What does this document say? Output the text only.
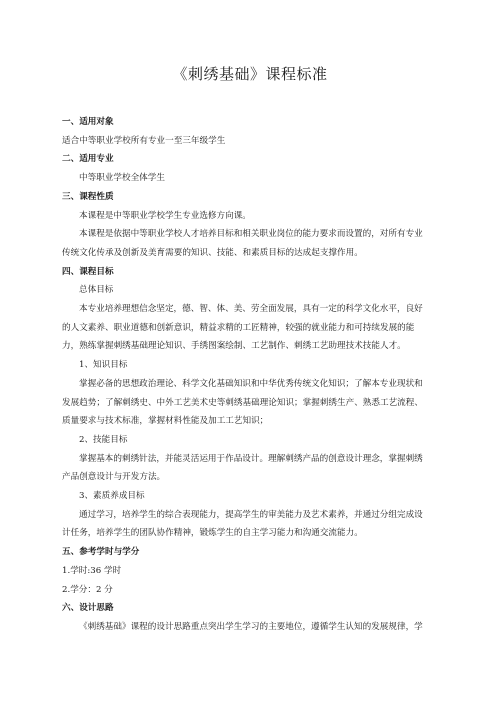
《刺绣基础》课程标准

一、适用对象

适合中等职业学校所有专业一至三年级学生

二、适用专业

中等职业学校全体学生

三、课程性质

本课程是中等职业学校学生专业选修方向课。

本课程是依据中等职业学校人才培养目标和相关职业岗位的能力要求而设置的，对所有专业
传统文化传承及创新及美育需要的知识、技能、和素质目标的达成起支撑作用。

四、课程目标

总体目标

本专业培养理想信念坚定，德、智、体、美、劳全面发展，具有一定的科学文化水平，良好
的人文素养、职业道德和创新意识，精益求精的工匠精神，较强的就业能力和可持续发展的能
力，熟练掌握刺绣基础理论知识、手绣图案绘制、工艺制作、刺绣工艺助理技术技能人才。

1、知识目标

掌握必备的思想政治理论、科学文化基础知识和中华优秀传统文化知识；了解本专业现状和
发展趋势；了解刺绣史、中外工艺美术史等刺绣基础理论知识；掌握刺绣生产、熟悉工艺流程、
质量要求与技术标准，掌握材料性能及加工工艺知识；

2、技能目标

掌握基本的刺绣针法，并能灵活运用于作品设计。理解刺绣产品的创意设计理念，掌握刺绣
产品创意设计与开发方法。

3、素质养成目标

通过学习，培养学生的综合表现能力，提高学生的审美能力及艺术素养，并通过分组完成设
计任务，培养学生的团队协作精神，锻炼学生的自主学习能力和沟通交流能力。

五、参考学时与学分

1.学时:36 学时

2.学分：2 分

六、设计思路

《刺绣基础》课程的设计思路重点突出学生学习的主要地位，遵循学生认知的发展规律，学
